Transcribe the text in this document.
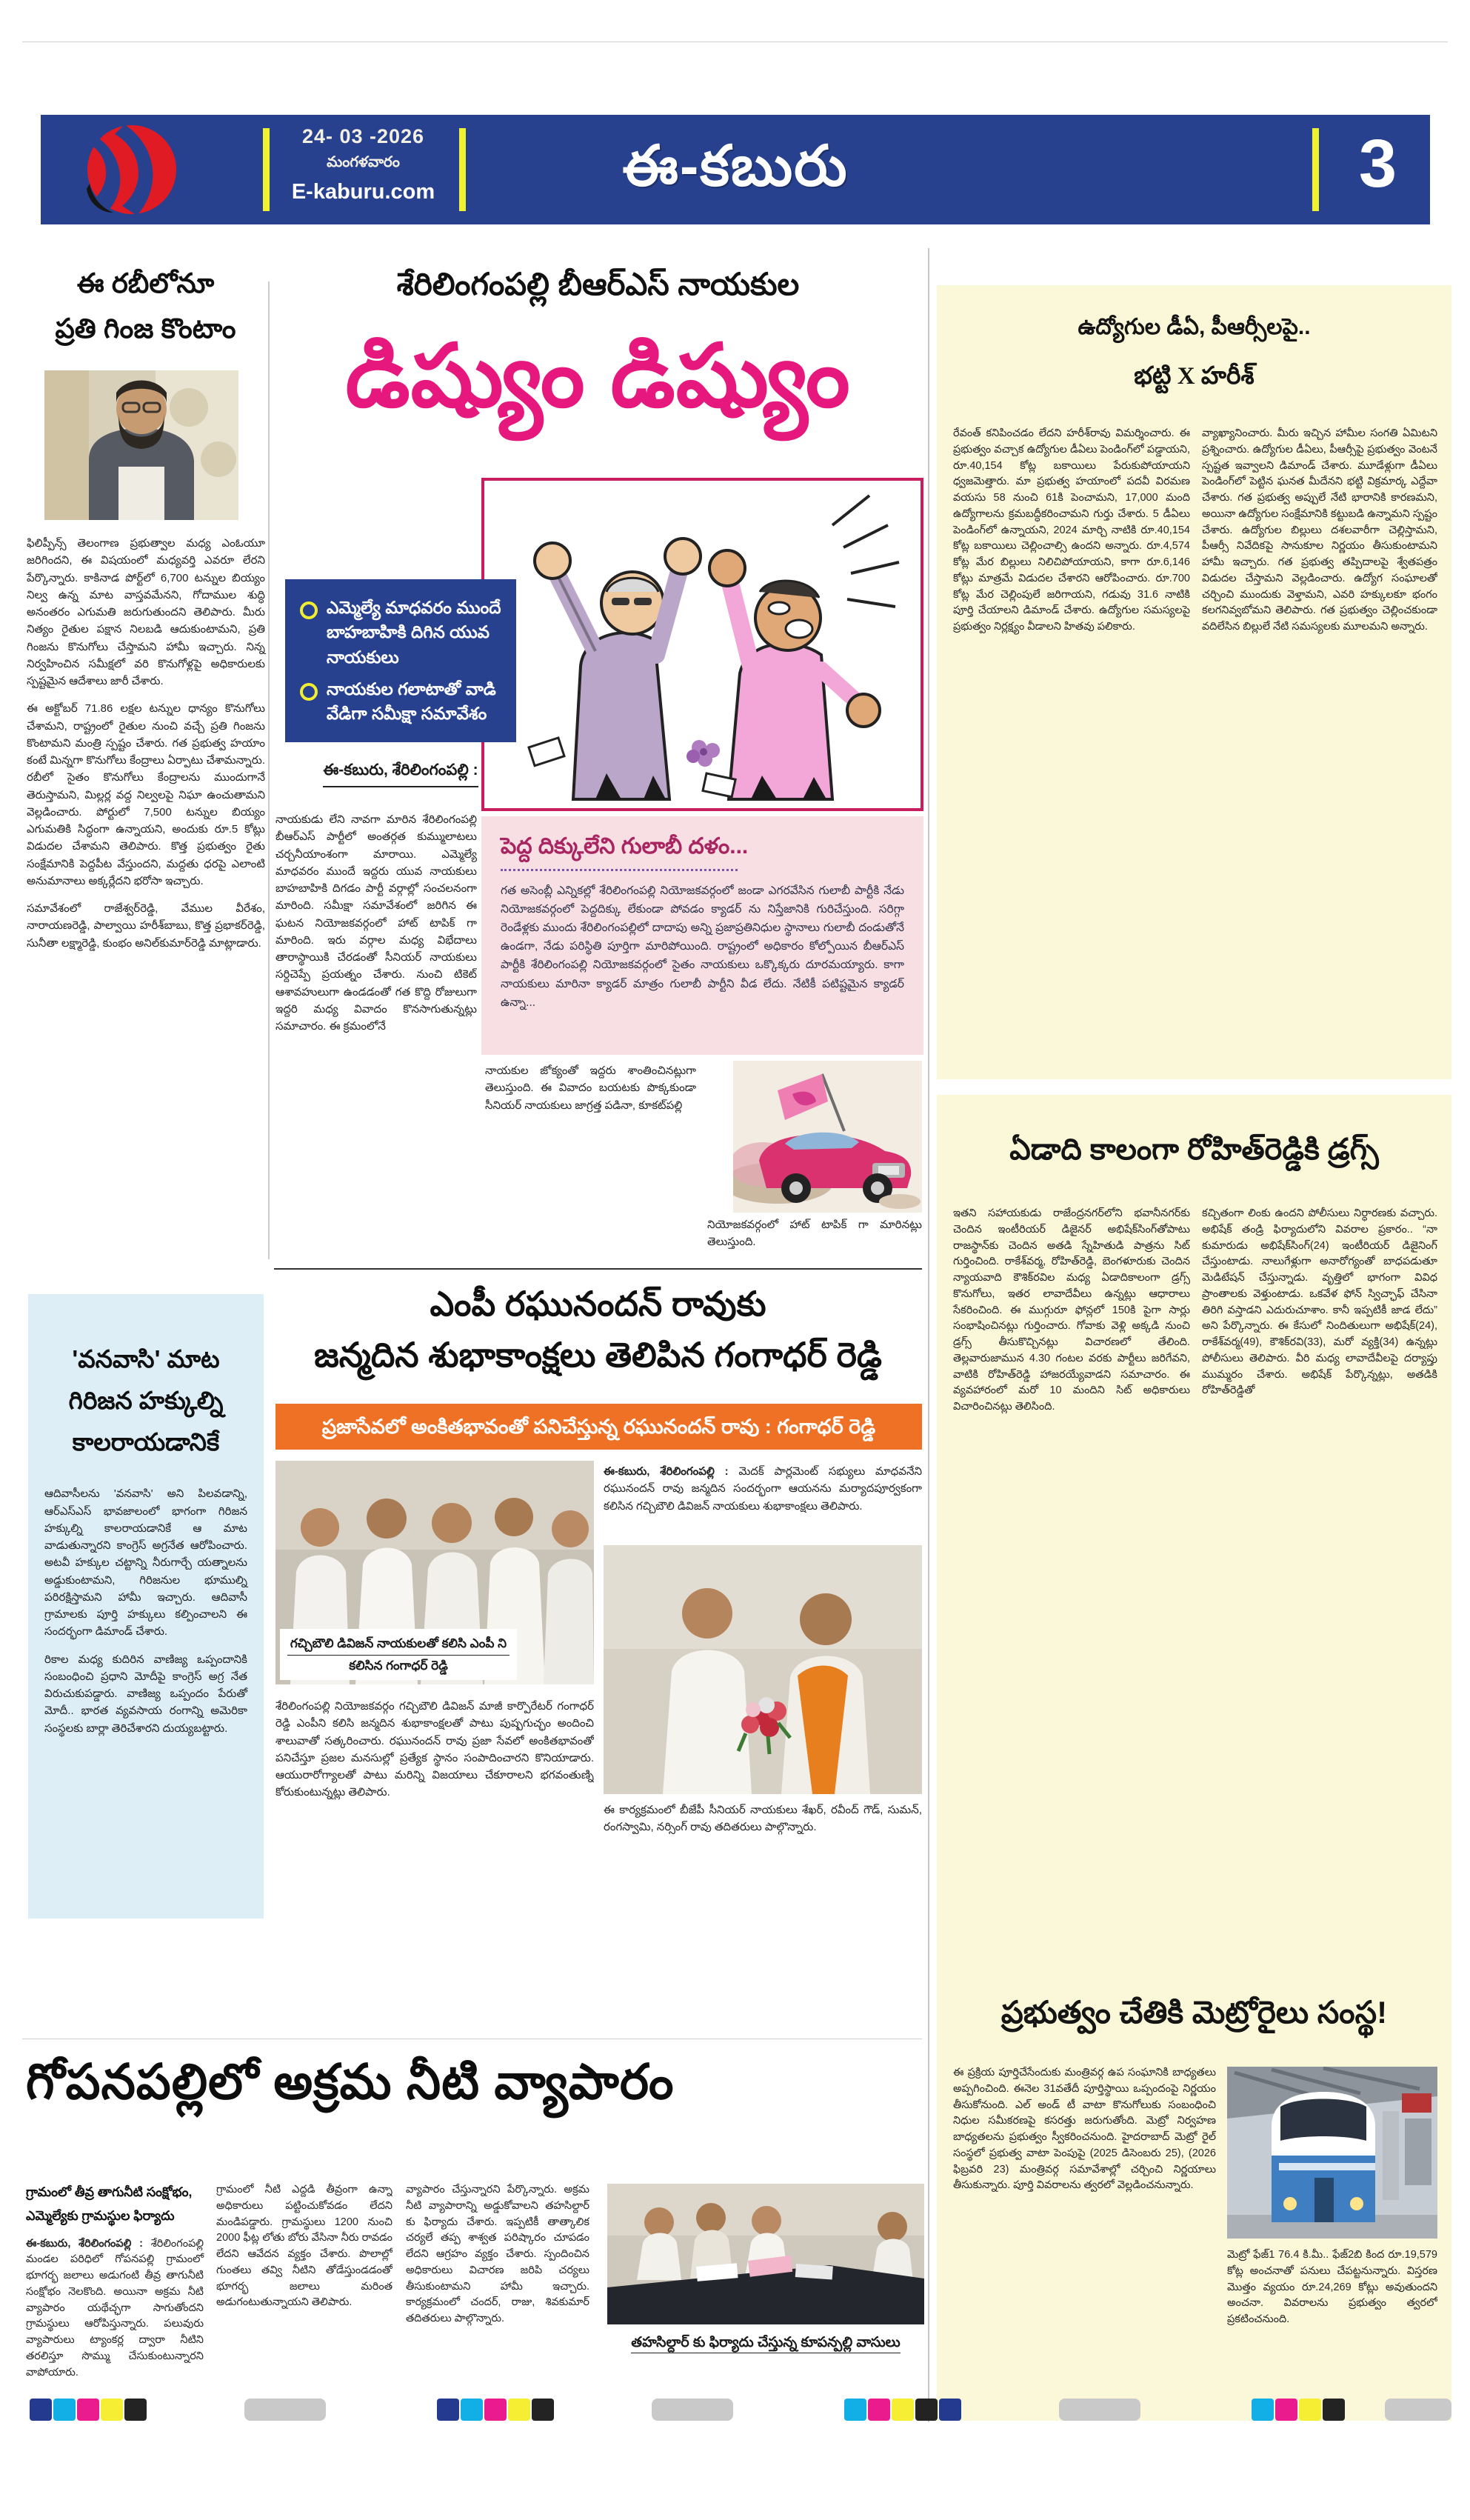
24- 03 -2026
మంగళవారం
E-kaburu.com	ఈ-కబురు	3
ఈ రబీలోనూ
ప్రతి గింజ కొంటాం

ఫిలిప్పీన్స్ తెలంగాణ ప్రభుత్వాల మధ్య ఎంఓయూ జరిగిందని, ఈ విషయంలో మధ్యవర్తి ఎవరూ లేరని పేర్కొన్నారు. కాకినాడ పోర్ట్‌లో 6,700 టన్నుల బియ్యం నిల్వ ఉన్న మాట వాస్తవమేనని, గోదాముల శుద్ధి అనంతరం ఎగుమతి జరుగుతుందని తెలిపారు. మీరు నిత్యం రైతుల పక్షాన నిలబడి ఆదుకుంటామని, ప్రతి గింజను కొనుగోలు చేస్తామని హామీ ఇచ్చారు. నిన్న నిర్వహించిన సమీక్షలో వరి కొనుగోళ్లపై అధికారులకు స్పష్టమైన ఆదేశాలు జారీ చేశారు.

ఈ అక్టోబర్ 71.86 లక్షల టన్నుల ధాన్యం కొనుగోలు చేశామని, రాష్ట్రంలో రైతుల నుంచి వచ్చే ప్రతి గింజను కొంటామని మంత్రి స్పష్టం చేశారు. గత ప్రభుత్వ హయాం కంటే మిన్నగా కొనుగోలు కేంద్రాలు ఏర్పాటు చేశామన్నారు. రబీలో సైతం కొనుగోలు కేంద్రాలను ముందుగానే తెరుస్తామని, మిల్లర్ల వద్ద నిల్వలపై నిఘా ఉంచుతామని వెల్లడించారు. పోర్టులో 7,500 టన్నుల బియ్యం ఎగుమతికి సిద్ధంగా ఉన్నాయని, అందుకు రూ.5 కోట్లు విడుదల చేశామని తెలిపారు. కొత్త ప్రభుత్వం రైతు సంక్షేమానికి పెద్దపీట వేస్తుందని, మద్దతు ధరపై ఎలాంటి అనుమానాలు అక్కర్లేదని భరోసా ఇచ్చారు.

సమావేశంలో రాజేశ్వర్‌రెడ్డి, వేముల వీరేశం, నారాయణరెడ్డి, పాల్వాయి హరీశ్‌బాబు, కొత్త ప్రభాకర్‌రెడ్డి, సునీతా లక్ష్మారెడ్డి, కుంభం అనిల్‌కుమార్‌రెడ్డి మాట్లాడారు.

'వనవాసి' మాట
గిరిజన హక్కుల్ని
కాలరాయడానికే

ఆదివాసీలను 'వనవాసి' అని పిలవడాన్ని, ఆర్ఎస్ఎస్ భావజాలంలో భాగంగా గిరిజన హక్కుల్ని కాలరాయడానికే ఆ మాట వాడుతున్నారని కాంగ్రెస్ అగ్రనేత ఆరోపించారు. అటవీ హక్కుల చట్టాన్ని నీరుగార్చే యత్నాలను అడ్డుకుంటామని, గిరిజనుల భూముల్ని పరిరక్షిస్తామని హామీ ఇచ్చారు. ఆదివాసీ గ్రామాలకు పూర్తి హక్కులు కల్పించాలని ఈ సందర్భంగా డిమాండ్ చేశారు.

రికాల మధ్య కుదిరిన వాణిజ్య ఒప్పందానికి సంబంధించి ప్రధాని మోదీపై కాంగ్రెస్ అగ్ర నేత విరుచుకుపడ్డారు. వాణిజ్య ఒప్పందం పేరుతో మోదీ.. భారత వ్యవసాయ రంగాన్ని అమెరికా సంస్థలకు బార్లా తెరిచేశారని దుయ్యబట్టారు.

శేరిలింగంపల్లి బీఆర్ఎస్ నాయకుల
డిష్యుం డిష్యుం
ఎమ్మెల్యే మాధవరం ముందే బాహబాహికి దిగిన యువ నాయకులు
నాయకుల గలాటాతో వాడి వేడిగా సమీక్షా సమావేశం
ఈ-కబురు, శేరిలింగంపల్లి :
నాయకుడు లేని నావగా మారిన శేరిలింగంపల్లి బీఆర్ఎస్ పార్టీలో అంతర్గత కుమ్ములాటలు చర్చనీయాంశంగా మారాయి. ఎమ్మెల్యే మాధవరం ముందే ఇద్దరు యువ నాయకులు బాహబాహికి దిగడం పార్టీ వర్గాల్లో సంచలనంగా మారింది. సమీక్షా సమావేశంలో జరిగిన ఈ ఘటన నియోజకవర్గంలో హాట్ టాపిక్ గా మారింది. ఇరు వర్గాల మధ్య విభేదాలు తారాస్థాయికి చేరడంతో సీనియర్ నాయకులు సర్దిచెప్పే ప్రయత్నం చేశారు. నుంచి టికెట్ ఆశావహులుగా ఉండడంతో గత కొద్ది రోజులుగా ఇద్దరి మధ్య వివాదం కొనసాగుతున్నట్లు సమాచారం. ఈ క్రమంలోనే
పెద్ద దిక్కులేని గులాబీ దళం...
గత అసెంబ్లీ ఎన్నికల్లో శేరిలింగంపల్లి నియోజకవర్గంలో జండా ఎగరవేసిన గులాబీ పార్టీకి నేడు నియోజకవర్గంలో పెద్దదిక్కు లేకుండా పోవడం క్యాడర్ ను నిస్తేజానికి గురిచేస్తుంది. సరిగ్గా రెండేళ్లకు ముందు శేరిలింగంపల్లిలో దాదాపు అన్ని ప్రజాప్రతినిధుల స్థానాలు గులాబీ దండుతోనే ఉండగా, నేడు పరిస్థితి పూర్తిగా మారిపోయింది. రాష్ట్రంలో అధికారం కోల్పోయిన బీఆర్ఎస్ పార్టీకి శేరిలింగంపల్లి నియోజకవర్గంలో సైతం నాయకులు ఒక్కొక్కరు దూరమయ్యారు. కాగా నాయకులు మారినా క్యాడర్ మాత్రం గులాబీ పార్టీని వీడ లేదు. నేటికీ పటిష్టమైన క్యాడర్ ఉన్నా...
నాయకుల జోక్యంతో ఇద్దరు శాంతించినట్లుగా తెలుస్తుంది. ఈ వివాదం బయటకు పొక్కకుండా సీనియర్ నాయకులు జాగ్రత్త పడినా, కూకట్‌పల్లి
నియోజకవర్గంలో హాట్ టాపిక్ గా మారినట్లు తెలుస్తుంది.
ఎంపీ రఘునందన్ రావుకు
జన్మదిన శుభాకాంక్షలు తెలిపిన గంగాధర్ రెడ్డి
ప్రజాసేవలో అంకితభావంతో పనిచేస్తున్న రఘునందన్ రావు : గంగాధర్ రెడ్డి
గచ్చిబౌలి డివిజన్ నాయకులతో కలిసి ఎంపీ ని
కలిసిన గంగాధర్ రెడ్డి
ఈ-కబురు, శేరిలింగంపల్లి : మెదక్ పార్లమెంట్ సభ్యులు మాధవనేని రఘునందన్ రావు జన్మదిన సందర్భంగా ఆయనను మర్యాదపూర్వకంగా కలిసిన గచ్చిబౌలి డివిజన్ నాయకులు శుభాకాంక్షలు తెలిపారు.
శేరిలింగంపల్లి నియోజకవర్గం గచ్చిబౌలి డివిజన్ మాజీ కార్పొరేటర్ గంగాధర్ రెడ్డి ఎంపీని కలిసి జన్మదిన శుభాకాంక్షలతో పాటు పుష్పగుచ్ఛం అందించి శాలువాతో సత్కరించారు. రఘునందన్ రావు ప్రజా సేవలో అంకితభావంతో పనిచేస్తూ ప్రజల మనసుల్లో ప్రత్యేక స్థానం సంపాదించారని కొనియాడారు. ఆయురారోగ్యాలతో పాటు మరిన్ని విజయాలు చేకూరాలని భగవంతుణ్ని కోరుకుంటున్నట్లు తెలిపారు.
ఈ కార్యక్రమంలో బీజేపీ సీనియర్ నాయకులు శేఖర్, రవీంద్ గౌడ్, సుమన్, రంగస్వామి, నర్సింగ్ రావు తదితరులు పాల్గొన్నారు.
గోపనపల్లిలో అక్రమ నీటి వ్యాపారం
గ్రామంలో తీవ్ర తాగునీటి సంక్షోభం,
ఎమ్మెల్యేకు గ్రామస్థుల ఫిర్యాదు
ఈ-కబురు, శేరిలింగంపల్లి : శేరిలింగంపల్లి మండల పరిధిలో గోపనపల్లి గ్రామంలో భూగర్భ జలాలు అడుగంటి తీవ్ర తాగునీటి సంక్షోభం నెలకొంది. అయినా అక్రమ నీటి వ్యాపారం యథేచ్ఛగా సాగుతోందని గ్రామస్థులు ఆరోపిస్తున్నారు. పలువురు వ్యాపారులు ట్యాంకర్ల ద్వారా నీటిని తరలిస్తూ సొమ్ము చేసుకుంటున్నారని వాపోయారు.
గ్రామంలో నీటి ఎద్దడి తీవ్రంగా ఉన్నా అధికారులు పట్టించుకోవడం లేదని మండిపడ్డారు. గ్రామస్థులు 1200 నుంచి 2000 ఫీట్ల లోతు బోరు వేసినా నీరు రావడం లేదని ఆవేదన వ్యక్తం చేశారు. పొలాల్లో గుంతలు తవ్వి నీటిని తోడేస్తుండడంతో భూగర్భ జలాలు మరింత అడుగంటుతున్నాయని తెలిపారు.
వ్యాపారం చేస్తున్నారని పేర్కొన్నారు. అక్రమ నీటి వ్యాపారాన్ని అడ్డుకోవాలని తహసిల్దార్ కు ఫిర్యాదు చేశారు. ఇప్పటికీ తాత్కాలిక చర్యలే తప్ప శాశ్వత పరిష్కారం చూపడం లేదని ఆగ్రహం వ్యక్తం చేశారు. స్పందించిన అధికారులు విచారణ జరిపి చర్యలు తీసుకుంటామని హామీ ఇచ్చారు. కార్యక్రమంలో చందర్, రాజు, శివకుమార్ తదితరులు పాల్గొన్నారు.
తహసిల్దార్ కు ఫిర్యాదు చేస్తున్న కూపన్పల్లి వాసులు
ఉద్యోగుల డీఏ, పీఆర్సీలపై..
భట్టి X హరీశ్
రేవంత్ కనిపించడం లేదని హరీశ్‌రావు విమర్శించారు. ఈ ప్రభుత్వం వచ్చాక ఉద్యోగుల డీఏలు పెండింగ్‌లో పడ్డాయని, రూ.40,154 కోట్ల బకాయిలు పేరుకుపోయాయని ధ్వజమెత్తారు. మా ప్రభుత్వ హయాంలో పదవీ విరమణ వయసు 58 నుంచి 61కి పెంచామని, 17,000 మంది ఉద్యోగాలను క్రమబద్ధీకరించామని గుర్తు చేశారు. 5 డీఏలు పెండింగ్‌లో ఉన్నాయని, 2024 మార్చి నాటికి రూ.40,154 కోట్ల బకాయిలు చెల్లించాల్సి ఉందని అన్నారు. రూ.4,574 కోట్ల మేర బిల్లులు నిలిచిపోయాయని, కాగా రూ.6,146 కోట్లు మాత్రమే విడుదల చేశారని ఆరోపించారు. రూ.700 కోట్ల మేర చెల్లింపులే జరిగాయని, గడువు 31.6 నాటికి పూర్తి చేయాలని డిమాండ్ చేశారు. ఉద్యోగుల సమస్యలపై ప్రభుత్వం నిర్లక్ష్యం వీడాలని హితవు పలికారు.
వ్యాఖ్యానించారు. మీరు ఇచ్చిన హామీల సంగతి ఏమిటని ప్రశ్నించారు. ఉద్యోగుల డీఏలు, పీఆర్సీపై ప్రభుత్వం వెంటనే స్పష్టత ఇవ్వాలని డిమాండ్ చేశారు. మూడేళ్లుగా డీఏలు పెండింగ్‌లో పెట్టిన ఘనత మీదేనని భట్టి విక్రమార్క ఎద్దేవా చేశారు. గత ప్రభుత్వ అప్పులే నేటి భారానికి కారణమని, అయినా ఉద్యోగుల సంక్షేమానికి కట్టుబడి ఉన్నామని స్పష్టం చేశారు. ఉద్యోగుల బిల్లులు దశలవారీగా చెల్లిస్తామని, పీఆర్సీ నివేదికపై సానుకూల నిర్ణయం తీసుకుంటామని హామీ ఇచ్చారు. గత ప్రభుత్వ తప్పిదాలపై శ్వేతపత్రం విడుదల చేస్తామని వెల్లడించారు. ఉద్యోగ సంఘాలతో చర్చించి ముందుకు వెళ్తామని, ఎవరి హక్కులకూ భంగం కలగనివ్వబోమని తెలిపారు. గత ప్రభుత్వం చెల్లించకుండా వదిలేసిన బిల్లులే నేటి సమస్యలకు మూలమని అన్నారు.
ఏడాది కాలంగా రోహిత్‌రెడ్డికి డ్రగ్స్
ఇతని సహాయకుడు రాజేంద్రనగర్‌లోని భవానీనగర్‌కు చెందిన ఇంటీరియర్ డిజైనర్ అభిషేక్‌సింగ్‌తోపాటు రాజస్థాన్‌కు చెందిన అతడి స్నేహితుడి పాత్రను సిట్ గుర్తించింది. రాకేశ్‌వర్మ, రోహిత్‌రెడ్డి, బెంగళూరుకు చెందిన న్యాయవాది కౌశిక్‌రవిల మధ్య ఏడాదికాలంగా డ్రగ్స్ కొనుగోలు, ఇతర లావాదేవీలు ఉన్నట్లు ఆధారాలు సేకరించింది. ఈ ముగ్గురూ ఫోన్లలో 150కి పైగా సార్లు సంభాషించినట్లు గుర్తించారు. గోవాకు వెళ్లి అక్కడి నుంచి డ్రగ్స్ తీసుకొచ్చినట్లు విచారణలో తేలింది. తెల్లవారుజామున 4.30 గంటల వరకు పార్టీలు జరిగేవని, వాటికి రోహిత్‌రెడ్డి హాజరయ్యేవాడని సమాచారం. ఈ వ్యవహారంలో మరో 10 మందిని సిట్ అధికారులు విచారించినట్లు తెలిసింది.
కచ్చితంగా లింకు ఉందని పోలీసులు నిర్ధారణకు వచ్చారు. అభిషేక్ తండ్రి ఫిర్యాదులోని వివరాల ప్రకారం.. “నా కుమారుడు అభిషేక్‌సింగ్(24) ఇంటీరియర్ డిజైనింగ్ చేస్తుంటాడు. నాలుగేళ్లుగా అనారోగ్యంతో బాధపడుతూ మెడిటేషన్ చేస్తున్నాడు. వృత్తిలో భాగంగా వివిధ ప్రాంతాలకు వెళ్తుంటాడు. ఒకవేళ ఫోన్ స్విచ్ఛాఫ్ చేసినా తిరిగి వస్తాడని ఎదురుచూశాం. కానీ ఇప్పటికీ జాడ లేదు” అని పేర్కొన్నారు. ఈ కేసులో నిందితులుగా అభిషేక్(24), రాకేశ్‌వర్మ(49), కౌశిక్‌రవి(33), మరో వ్యక్తి(34) ఉన్నట్లు పోలీసులు తెలిపారు. వీరి మధ్య లావాదేవీలపై దర్యాప్తు ముమ్మరం చేశారు. అభిషేక్ పేర్కొన్నట్లు, అతడికి రోహిత్‌రెడ్డితో
ప్రభుత్వం చేతికి మెట్రోరైలు సంస్థ!
ఈ ప్రక్రియ పూర్తిచేసేందుకు మంత్రివర్గ ఉప సంఘానికి బాధ్యతలు అప్పగించింది. ఈనెల 31వతేదీ పూర్తిస్థాయి ఒప్పందంపై నిర్ణయం తీసుకోనుంది. ఎల్ అండ్ టీ వాటా కొనుగోలుకు సంబంధించి నిధుల సమీకరణపై కసరత్తు జరుగుతోంది. మెట్రో నిర్వహణ బాధ్యతలను ప్రభుత్వం స్వీకరించనుంది. హైదరాబాద్ మెట్రో రైల్ సంస్థలో ప్రభుత్వ వాటా పెంపుపై (2025 డిసెంబరు 25), (2026 ఫిబ్రవరి 23) మంత్రివర్గ సమావేశాల్లో చర్చించి నిర్ణయాలు తీసుకున్నారు. పూర్తి వివరాలను త్వరలో వెల్లడించనున్నారు.
మెట్రో ఫేజ్1 76.4 కి.మీ.. ఫేజ్2బి కింద రూ.19,579 కోట్ల అంచనాతో పనులు చేపట్టనున్నారు. విస్తరణ మొత్తం వ్యయం రూ.24,269 కోట్లు అవుతుందని అంచనా. వివరాలను ప్రభుత్వం త్వరలో ప్రకటించనుంది.
